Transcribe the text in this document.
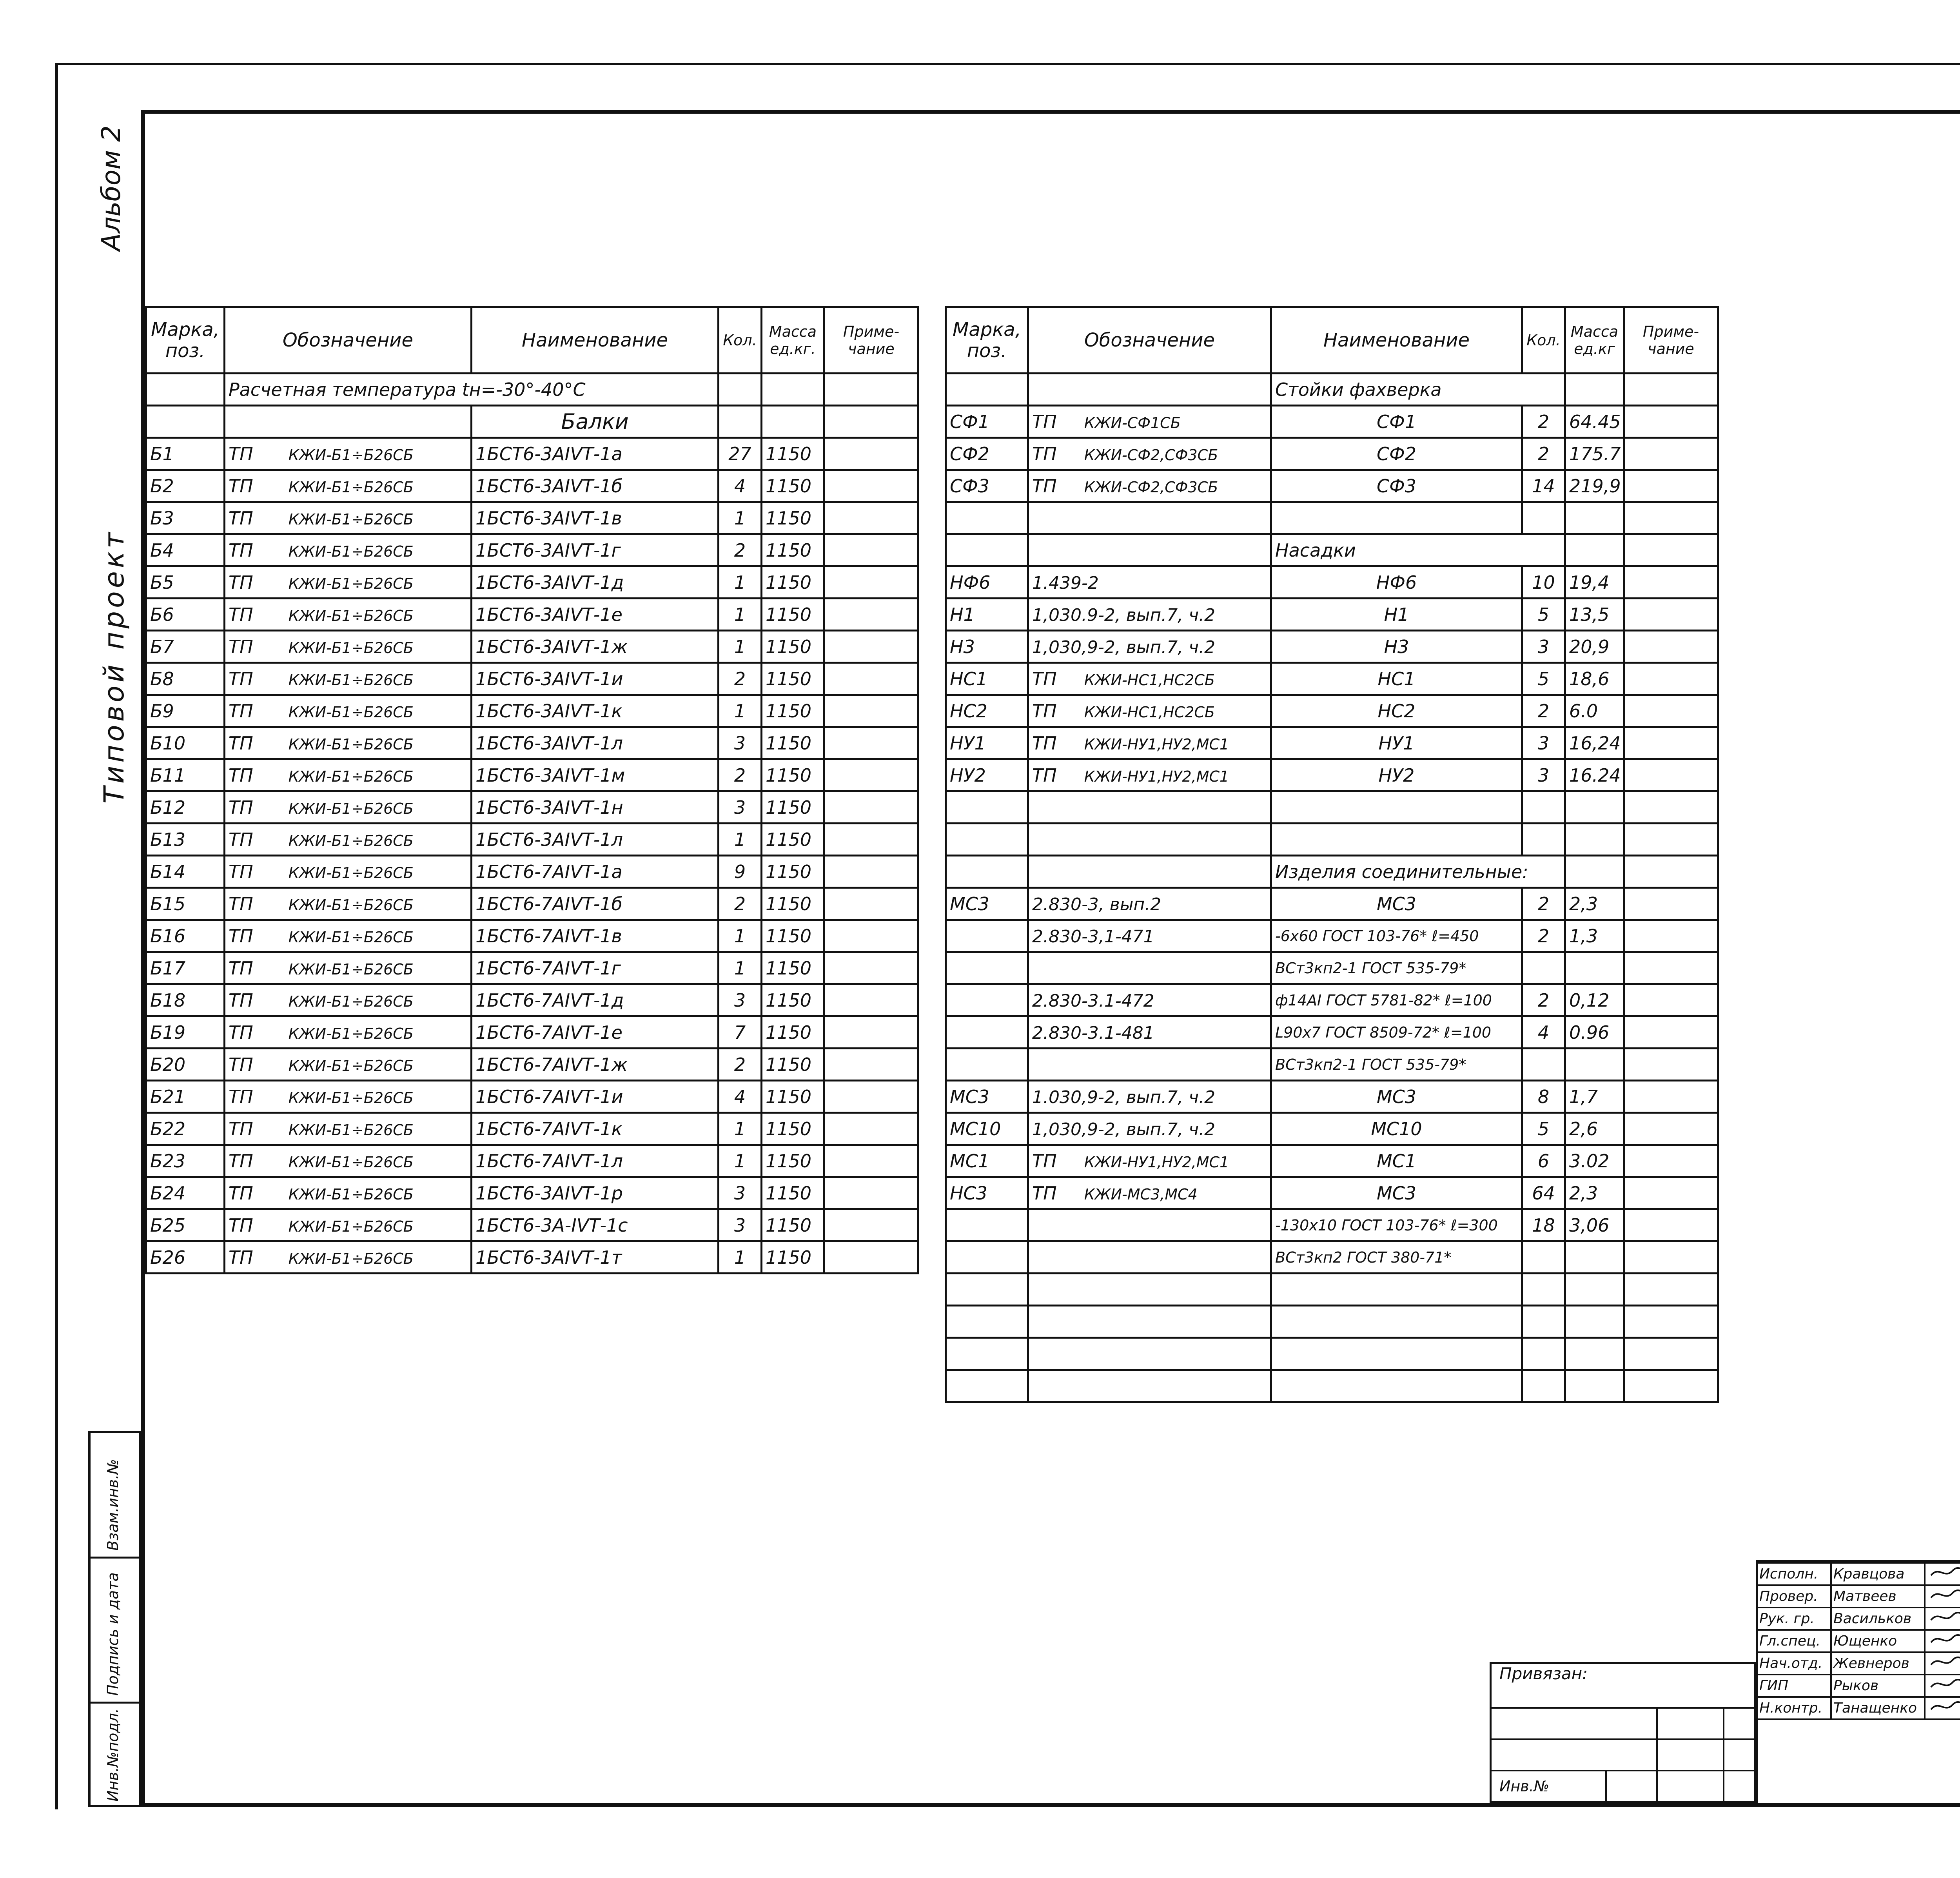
Альбом 2
Типовой проект
Взам.инв.№
Подпись и дата
Инв.№подл.
Марка, поз.	Обозначение	Наименование	Кол.	Масса ед.кг.	Приме-чание
	Расчетная температура tн=-30°-40°С				
		Балки			
Б1	ТП КЖИ-Б1÷Б26СБ	1БСТ6-3АIVТ-1а	27	1150	
Б2	ТП КЖИ-Б1÷Б26СБ	1БСТ6-3АIVТ-1б	4	1150	
Б3	ТП КЖИ-Б1÷Б26СБ	1БСТ6-3АIVТ-1в	1	1150	
Б4	ТП КЖИ-Б1÷Б26СБ	1БСТ6-3АIVТ-1г	2	1150	
Б5	ТП КЖИ-Б1÷Б26СБ	1БСТ6-3АIVТ-1д	1	1150	
Б6	ТП КЖИ-Б1÷Б26СБ	1БСТ6-3АIVТ-1е	1	1150	
Б7	ТП КЖИ-Б1÷Б26СБ	1БСТ6-3АIVТ-1ж	1	1150	
Б8	ТП КЖИ-Б1÷Б26СБ	1БСТ6-3АIVТ-1и	2	1150	
Б9	ТП КЖИ-Б1÷Б26СБ	1БСТ6-3АIVТ-1к	1	1150	
Б10	ТП КЖИ-Б1÷Б26СБ	1БСТ6-3АIVТ-1л	3	1150	
Б11	ТП КЖИ-Б1÷Б26СБ	1БСТ6-3АIVТ-1м	2	1150	
Б12	ТП КЖИ-Б1÷Б26СБ	1БСТ6-3АIVТ-1н	3	1150	
Б13	ТП КЖИ-Б1÷Б26СБ	1БСТ6-3АIVТ-1л	1	1150	
Б14	ТП КЖИ-Б1÷Б26СБ	1БСТ6-7АIVТ-1а	9	1150	
Б15	ТП КЖИ-Б1÷Б26СБ	1БСТ6-7АIVТ-1б	2	1150	
Б16	ТП КЖИ-Б1÷Б26СБ	1БСТ6-7АIVТ-1в	1	1150	
Б17	ТП КЖИ-Б1÷Б26СБ	1БСТ6-7АIVТ-1г	1	1150	
Б18	ТП КЖИ-Б1÷Б26СБ	1БСТ6-7АIVТ-1д	3	1150	
Б19	ТП КЖИ-Б1÷Б26СБ	1БСТ6-7АIVТ-1е	7	1150	
Б20	ТП КЖИ-Б1÷Б26СБ	1БСТ6-7АIVТ-1ж	2	1150	
Б21	ТП КЖИ-Б1÷Б26СБ	1БСТ6-7АIVТ-1и	4	1150	
Б22	ТП КЖИ-Б1÷Б26СБ	1БСТ6-7АIVТ-1к	1	1150	
Б23	ТП КЖИ-Б1÷Б26СБ	1БСТ6-7АIVТ-1л	1	1150	
Б24	ТП КЖИ-Б1÷Б26СБ	1БСТ6-3АIVТ-1р	3	1150	
Б25	ТП КЖИ-Б1÷Б26СБ	1БСТ6-3А-IVТ-1с	3	1150	
Б26	ТП КЖИ-Б1÷Б26СБ	1БСТ6-3АIVТ-1т	1	1150	
Марка, поз.	Обозначение	Наименование	Кол.	Масса ед.кг	Приме-чание
		Стойки фахверка			
СФ1	ТП КЖИ-СФ1СБ	СФ1	2	64.45	
СФ2	ТП КЖИ-СФ2,СФ3СБ	СФ2	2	175.7	
СФ3	ТП КЖИ-СФ2,СФ3СБ	СФ3	14	219,9	

		Насадки			
НФ6	1.439-2	НФ6	10	19,4	
Н1	1,030.9-2, вып.7, ч.2	Н1	5	13,5	
Н3	1,030,9-2, вып.7, ч.2	Н3	3	20,9	
НС1	ТП КЖИ-НС1,НС2СБ	НС1	5	18,6	
НС2	ТП КЖИ-НС1,НС2СБ	НС2	2	6.0	
НУ1	ТП КЖИ-НУ1,НУ2,МС1	НУ1	3	16,24	
НУ2	ТП КЖИ-НУ1,НУ2,МС1	НУ2	3	16.24	

		Изделия соединительные:			
МС3	2.830-3, вып.2	МС3	2	2,3	
	2.830-3,1-471	-6х60 ГОСТ 103-76* ℓ=450	2	1,3	
		ВСт3кп2-1 ГОСТ 535-79*			
	2.830-3.1-472	ф14АI ГОСТ 5781-82* ℓ=100	2	0,12	
	2.830-3.1-481	L90х7 ГОСТ 8509-72* ℓ=100	4	0.96	
		ВСт3кп2-1 ГОСТ 535-79*			
МС3	1.030,9-2, вып.7, ч.2	МС3	8	1,7	
МС10	1,030,9-2, вып.7, ч.2	МС10	5	2,6	
МС1	ТП КЖИ-НУ1,НУ2,МС1	МС1	6	3.02	
НС3	ТП КЖИ-МС3,МС4	МС3	64	2,3	
		-130х10 ГОСТ 103-76* ℓ=300	18	3,06	
		ВСт3кп2 ГОСТ 380-71*			

Исполн.	Кравцова		
Провер.	Матвеев		
Рук. гр.	Васильков		
Гл.спец.	Ющенко		
Нач.отд.	Жевнеров		
ГИП	Рыков		
Н.контр.	Танащенко		

Привязан:
Инв.№
